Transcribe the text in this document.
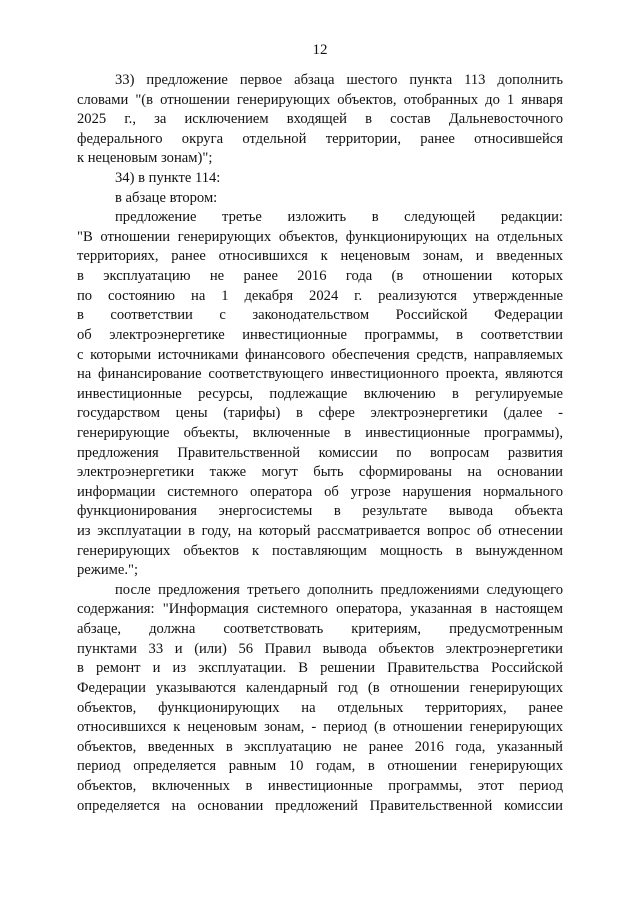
12
33) предложение первое абзаца шестого пункта 113 дополнить
словами "(в отношении генерирующих объектов, отобранных до 1 января
2025 г., за исключением входящей в состав Дальневосточного
федерального округа отдельной территории, ранее относившейся
к неценовым зонам)";
34) в пункте 114:
в абзаце втором:
предложение третье изложить в следующей редакции:
"В отношении генерирующих объектов, функционирующих на отдельных
территориях, ранее относившихся к неценовым зонам, и введенных
в эксплуатацию не ранее 2016 года (в отношении которых
по состоянию на 1 декабря 2024 г. реализуются утвержденные
в соответствии с законодательством Российской Федерации
об электроэнергетике инвестиционные программы, в соответствии
с которыми источниками финансового обеспечения средств, направляемых
на финансирование соответствующего инвестиционного проекта, являются
инвестиционные ресурсы, подлежащие включению в регулируемые
государством цены (тарифы) в сфере электроэнергетики (далее -
генерирующие объекты, включенные в инвестиционные программы),
предложения Правительственной комиссии по вопросам развития
электроэнергетики также могут быть сформированы на основании
информации системного оператора об угрозе нарушения нормального
функционирования энергосистемы в результате вывода объекта
из эксплуатации в году, на который рассматривается вопрос об отнесении
генерирующих объектов к поставляющим мощность в вынужденном
режиме.";
после предложения третьего дополнить предложениями следующего
содержания: "Информация системного оператора, указанная в настоящем
абзаце, должна соответствовать критериям, предусмотренным
пунктами 33 и (или) 56 Правил вывода объектов электроэнергетики
в ремонт и из эксплуатации. В решении Правительства Российской
Федерации указываются календарный год (в отношении генерирующих
объектов, функционирующих на отдельных территориях, ранее
относившихся к неценовым зонам, - период (в отношении генерирующих
объектов, введенных в эксплуатацию не ранее 2016 года, указанный
период определяется равным 10 годам, в отношении генерирующих
объектов, включенных в инвестиционные программы, этот период
определяется на основании предложений Правительственной комиссии
